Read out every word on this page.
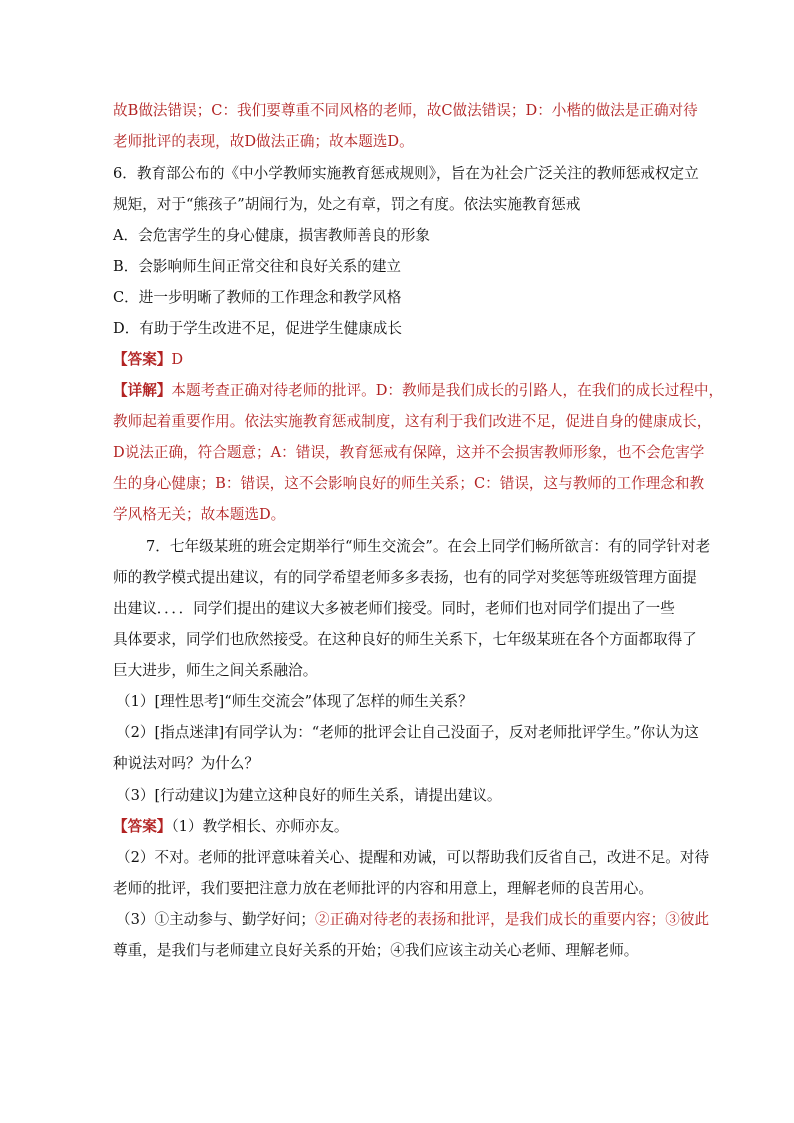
故B做法错误；C：我们要尊重不同风格的老师，故C做法错误；D：小楷的做法是正确对待
老师批评的表现，故D做法正确；故本题选D。
6．教育部公布的《中小学教师实施教育惩戒规则》，旨在为社会广泛关注的教师惩戒权定立
规矩，对于“熊孩子”胡闹行为，处之有章，罚之有度。依法实施教育惩戒
A．会危害学生的身心健康，损害教师善良的形象
B．会影响师生间正常交往和良好关系的建立
C．进一步明晰了教师的工作理念和教学风格
D．有助于学生改进不足，促进学生健康成长
【答案】D
【详解】本题考查正确对待老师的批评。D：教师是我们成长的引路人，在我们的成长过程中，
教师起着重要作用。依法实施教育惩戒制度，这有利于我们改进不足，促进自身的健康成长，
D说法正确，符合题意；A：错误，教育惩戒有保障，这并不会损害教师形象，也不会危害学
生的身心健康；B：错误，这不会影响良好的师生关系；C：错误，这与教师的工作理念和教
学风格无关；故本题选D。
7．七年级某班的班会定期举行“师生交流会”。在会上同学们畅所欲言：有的同学针对老
师的教学模式提出建议，有的同学希望老师多多表扬，也有的同学对奖惩等班级管理方面提
出建议．．．．同学们提出的建议大多被老师们接受。同时，老师们也对同学们提出了一些
具体要求，同学们也欣然接受。在这种良好的师生关系下，七年级某班在各个方面都取得了
巨大进步，师生之间关系融洽。
（1）[理性思考]“师生交流会”体现了怎样的师生关系？
（2）[指点迷津]有同学认为：“老师的批评会让自己没面子，反对老师批评学生。”你认为这
种说法对吗？为什么？
（3）[行动建议]为建立这种良好的师生关系，请提出建议。
【答案】（1）教学相长、亦师亦友。
（2）不对。老师的批评意味着关心、提醒和劝诫，可以帮助我们反省自己，改进不足。对待
老师的批评，我们要把注意力放在老师批评的内容和用意上，理解老师的良苦用心。
（3）①主动参与、勤学好问；②正确对待老的表扬和批评，是我们成长的重要内容；③彼此
尊重，是我们与老师建立良好关系的开始；④我们应该主动关心老师、理解老师。
